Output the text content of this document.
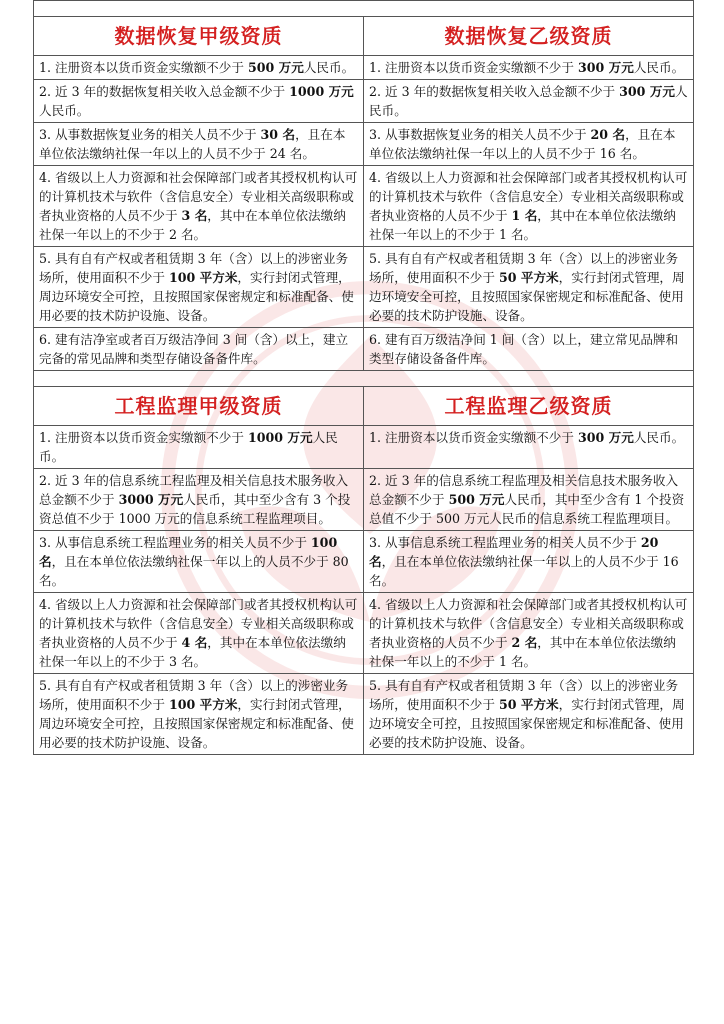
数据恢复甲级资质	数据恢复乙级资质
1. 注册资本以货币资金实缴额不少于 500 万元人民币。	1. 注册资本以货币资金实缴额不少于 300 万元人民币。
2. 近 3 年的数据恢复相关收入总金额不少于 1000 万元人民币。	2. 近 3 年的数据恢复相关收入总金额不少于 300 万元人民币。
3. 从事数据恢复业务的相关人员不少于 30 名，且在本单位依法缴纳社保一年以上的人员不少于 24 名。	3. 从事数据恢复业务的相关人员不少于 20 名，且在本单位依法缴纳社保一年以上的人员不少于 16 名。
4. 省级以上人力资源和社会保障部门或者其授权机构认可的计算机技术与软件（含信息安全）专业相关高级职称或者执业资格的人员不少于 3 名，其中在本单位依法缴纳社保一年以上的不少于 2 名。	4. 省级以上人力资源和社会保障部门或者其授权机构认可的计算机技术与软件（含信息安全）专业相关高级职称或者执业资格的人员不少于 1 名，其中在本单位依法缴纳社保一年以上的不少于 1 名。
5. 具有自有产权或者租赁期 3 年（含）以上的涉密业务场所，使用面积不少于 100 平方米，实行封闭式管理，周边环境安全可控，且按照国家保密规定和标准配备、使用必要的技术防护设施、设备。	5. 具有自有产权或者租赁期 3 年（含）以上的涉密业务场所，使用面积不少于 50 平方米，实行封闭式管理，周边环境安全可控，且按照国家保密规定和标准配备、使用必要的技术防护设施、设备。
6. 建有洁净室或者百万级洁净间 3 间（含）以上，建立完备的常见品牌和类型存储设备备件库。	6. 建有百万级洁净间 1 间（含）以上，建立常见品牌和类型存储设备备件库。

工程监理甲级资质	工程监理乙级资质
1. 注册资本以货币资金实缴额不少于 1000 万元人民币。	1. 注册资本以货币资金实缴额不少于 300 万元人民币。
2. 近 3 年的信息系统工程监理及相关信息技术服务收入总金额不少于 3000 万元人民币，其中至少含有 3 个投资总值不少于 1000 万元的信息系统工程监理项目。	2. 近 3 年的信息系统工程监理及相关信息技术服务收入总金额不少于 500 万元人民币，其中至少含有 1 个投资总值不少于 500 万元人民币的信息系统工程监理项目。
3. 从事信息系统工程监理业务的相关人员不少于 100 名，且在本单位依法缴纳社保一年以上的人员不少于 80 名。	3. 从事信息系统工程监理业务的相关人员不少于 20 名，且在本单位依法缴纳社保一年以上的人员不少于 16 名。
4. 省级以上人力资源和社会保障部门或者其授权机构认可的计算机技术与软件（含信息安全）专业相关高级职称或者执业资格的人员不少于 4 名，其中在本单位依法缴纳社保一年以上的不少于 3 名。	4. 省级以上人力资源和社会保障部门或者其授权机构认可的计算机技术与软件（含信息安全）专业相关高级职称或者执业资格的人员不少于 2 名，其中在本单位依法缴纳社保一年以上的不少于 1 名。
5. 具有自有产权或者租赁期 3 年（含）以上的涉密业务场所，使用面积不少于 100 平方米，实行封闭式管理，周边环境安全可控，且按照国家保密规定和标准配备、使用必要的技术防护设施、设备。	5. 具有自有产权或者租赁期 3 年（含）以上的涉密业务场所，使用面积不少于 50 平方米，实行封闭式管理，周边环境安全可控，且按照国家保密规定和标准配备、使用必要的技术防护设施、设备。
